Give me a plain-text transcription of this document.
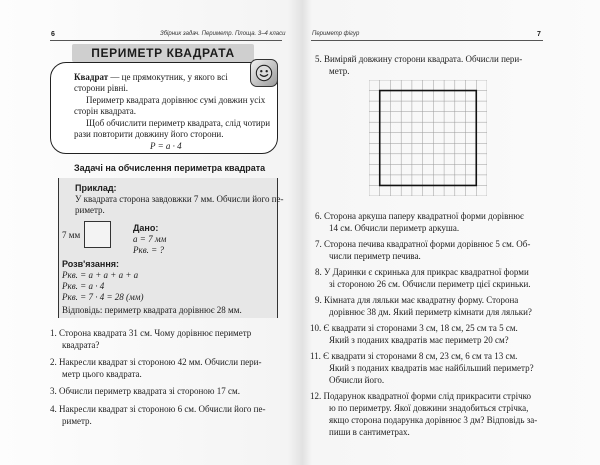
6	Збірник задач. Периметр. Площа. 3–4 класи
ПЕРИМЕТР КВАДРАТА
Квадрат — це прямокутник, у якого всі
сторони рівні.
Периметр квадрата дорівнює сумі довжин усіх
сторін квадрата.
Щоб обчислити периметр квадрата, слід чотири
рази повторити довжину його сторони.
P = a · 4
Задачі на обчислення периметра квадрата
Приклад:
У квадрата сторона завдовжки 7 мм. Обчисли його пе-
риметр.
7 мм
Дано:
a = 7 мм
Pкв. = ?
Розв'язання:
Pкв. = a + a + a + a
Pкв. = a · 4
Pкв. = 7 · 4 = 28 (мм)
Відповідь: периметр квадрата дорівнює 28 мм.
1. Сторона квадрата 31 см. Чому дорівнює периметр
квадрата?
2. Накресли квадрат зі стороною 42 мм. Обчисли пери-
метр цього квадрата.
3. Обчисли периметр квадрата зі стороною 17 см.
4. Накресли квадрат зі стороною 6 см. Обчисли його пе-
риметр.
Периметр фігур	7
5. Виміряй довжину сторони квадрата. Обчисли пери-
метр.
6. Сторона аркуша паперу квадратної форми дорівнює
14 см. Обчисли периметр аркуша.
7. Сторона печива квадратної форми дорівнює 5 см. Об-
числи периметр печива.
8. У Даринки є скринька для прикрас квадратної форми
зі стороною 26 см. Обчисли периметр цієї скриньки.
9. Кімната для ляльки має квадратну форму. Сторона
дорівнює 38 дм. Який периметр кімнати для ляльки?
10. Є квадрати зі сторонами 3 см, 18 см, 25 см та 5 см.
Який з поданих квадратів має периметр 20 см?
11. Є квадрати зі сторонами 8 см, 23 см, 6 см та 13 см.
Який з поданих квадратів має найбільший периметр?
Обчисли його.
12. Подарунок квадратної форми слід прикрасити стрічко
ю по периметру. Якої довжини знадобиться стрічка,
якщо сторона подарунка дорівнює 3 дм? Відповідь за-
пиши в сантиметрах.
